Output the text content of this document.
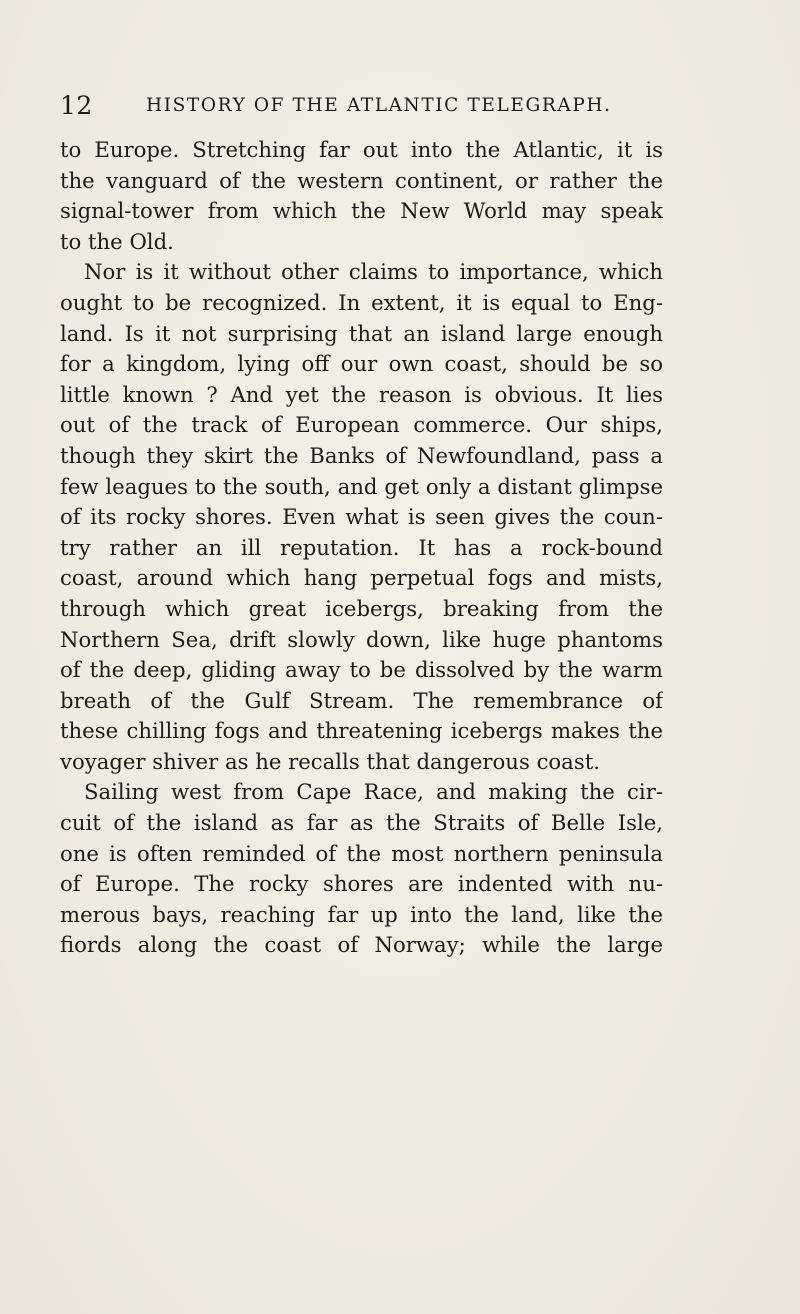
12	HISTORY OF THE ATLANTIC TELEGRAPH.
to Europe. Stretching far out into the Atlantic, it is
the vanguard of the western continent, or rather the
signal-tower from which the New World may speak
to the Old.
Nor is it without other claims to importance, which
ought to be recognized. In extent, it is equal to Eng-
land. Is it not surprising that an island large enough
for a kingdom, lying off our own coast, should be so
little known ? And yet the reason is obvious. It lies
out of the track of European commerce. Our ships,
though they skirt the Banks of Newfoundland, pass a
few leagues to the south, and get only a distant glimpse
of its rocky shores. Even what is seen gives the coun-
try rather an ill reputation. It has a rock-bound
coast, around which hang perpetual fogs and mists,
through which great icebergs, breaking from the
Northern Sea, drift slowly down, like huge phantoms
of the deep, gliding away to be dissolved by the warm
breath of the Gulf Stream. The remembrance of
these chilling fogs and threatening icebergs makes the
voyager shiver as he recalls that dangerous coast.
Sailing west from Cape Race, and making the cir-
cuit of the island as far as the Straits of Belle Isle,
one is often reminded of the most northern peninsula
of Europe. The rocky shores are indented with nu-
merous bays, reaching far up into the land, like the
fiords along the coast of Norway; while the large
